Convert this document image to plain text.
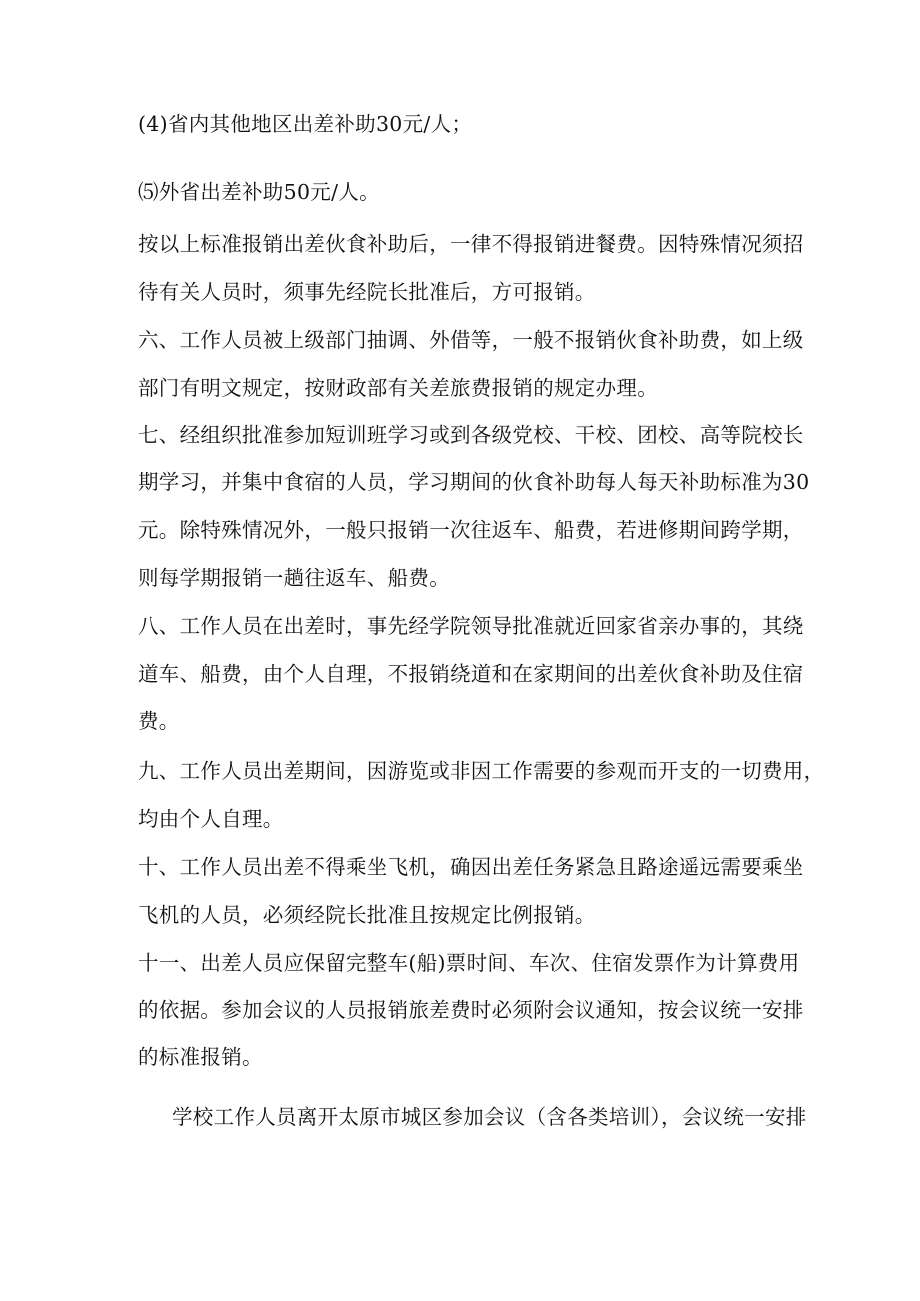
(4)省内其他地区出差补助30元/人；
⑸外省出差补助50元/人。
按以上标准报销出差伙食补助后，一律不得报销进餐费。因特殊情况须招
待有关人员时，须事先经院长批准后，方可报销。
六、工作人员被上级部门抽调、外借等，一般不报销伙食补助费，如上级
部门有明文规定，按财政部有关差旅费报销的规定办理。
七、经组织批准参加短训班学习或到各级党校、干校、团校、高等院校长
期学习，并集中食宿的人员，学习期间的伙食补助每人每天补助标准为30
元。除特殊情况外，一般只报销一次往返车、船费，若进修期间跨学期，
则每学期报销一趟往返车、船费。
八、工作人员在出差时，事先经学院领导批准就近回家省亲办事的，其绕
道车、船费，由个人自理，不报销绕道和在家期间的出差伙食补助及住宿
费。
九、工作人员出差期间，因游览或非因工作需要的参观而开支的一切费用，
均由个人自理。
十、工作人员出差不得乘坐飞机，确因出差任务紧急且路途遥远需要乘坐
飞机的人员，必须经院长批准且按规定比例报销。
十一、出差人员应保留完整车(船)票时间、车次、住宿发票作为计算费用
的依据。参加会议的人员报销旅差费时必须附会议通知，按会议统一安排
的标准报销。
学校工作人员离开太原市城区参加会议（含各类培训），会议统一安排
